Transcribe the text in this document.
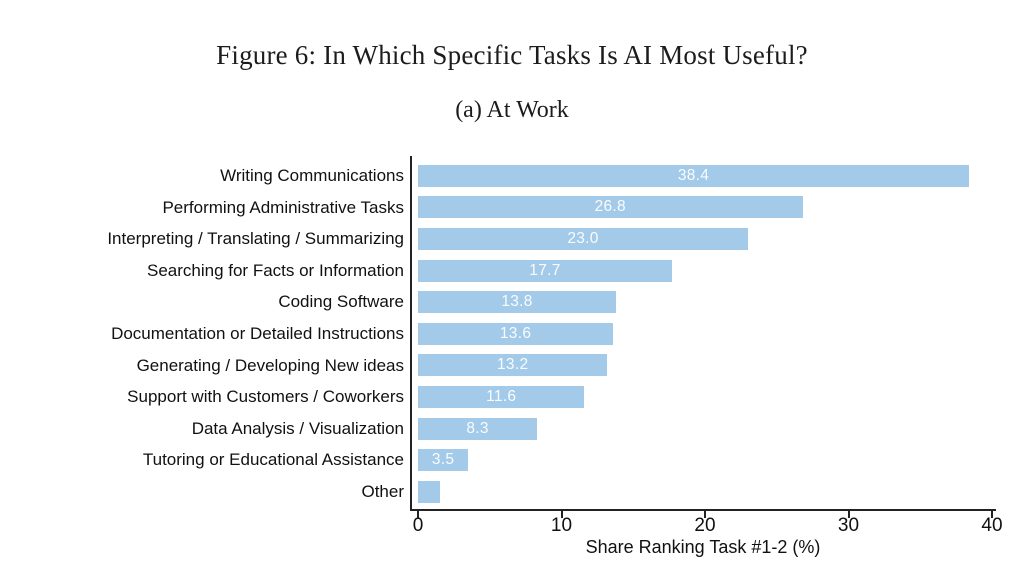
Figure 6: In Which Specific Tasks Is AI Most Useful?
(a) At Work
Writing Communications	38.4
Performing Administrative Tasks	26.8
Interpreting / Translating / Summarizing	23.0
Searching for Facts or Information	17.7
Coding Software	13.8
Documentation or Detailed Instructions	13.6
Generating / Developing New ideas	13.2
Support with Customers / Coworkers	11.6
Data Analysis / Visualization	8.3
Tutoring or Educational Assistance	3.5
Other
0	10	20	30	40
Share Ranking Task #1-2 (%)
